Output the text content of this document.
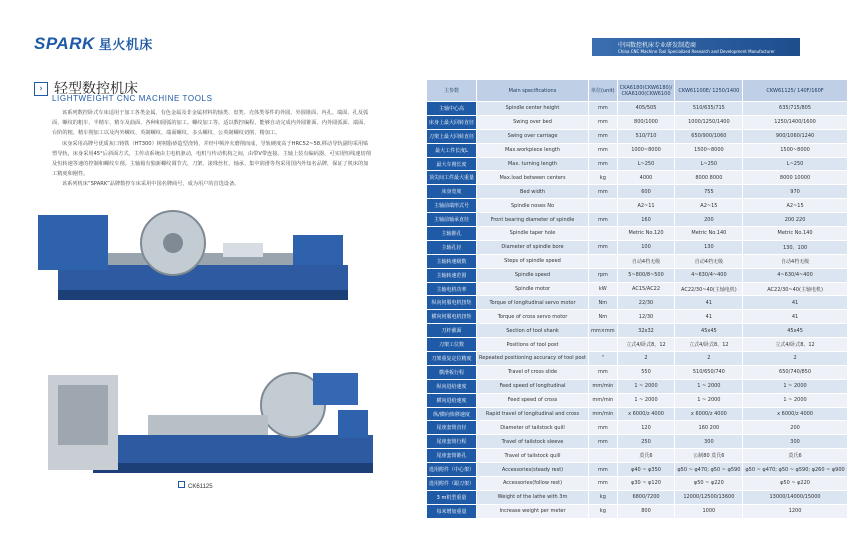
SPARK 星火机床	中国数控机床专业研发制造商
China CNC Machine Tool Specialized Research and Development Manufacturer
› 轻型数控机床
LIGHTWEIGHT CNC MACHINE TOOLS

该系列数控卧式车床适用于加工各类金属、有色金属及非金属材料的轴类、盘类、壳体类零件的外圆、外圆锥面、内孔、端面、孔及弧面、螺纹的粗车、半精车、精车及曲面、各种和圆弧的加工。螺纹加工等。适以数控编程、能够自动完成内外圆锥面、内外圆弧面、端面、台阶的粗、精车削加工以及内外螺纹、英制螺纹、端面螺纹、多头螺纹、公英制螺纹切削、精加工。

床身采用高牌号优质灰口铸铁（HT300）树树脂砂造型浇铸，并经中频淬火磨削而成，导轨硬度高于HRC52~58,移动导轨副均采用贴塑导轨，床身采用45°后斜面方式，主传动系统由主电机驱动，电机与传动机构之间，由带V带连接。主轴上装有编码器，可实现恒线速切削及恒转速等速的控制和螺纹车削。主轴箱有独新螺纹调节式、刀架、滚珠丝杠、轴承、集中润滑等均采用国内外知名品牌，保证了机床的加工精度和刚性。

该系列机床“SPARK”品牌数控车床采用中国名牌商号，成为用户的首选设备。

CK61125
主参数	Main specifications	单位(unit)	CKA6180(CKW6180)/ CKA6100(CKW6100	CKW61100E/ 1250/1400	CKW61125/ 140F/160F
主轴中心高	Spindle center height	mm	405/505	510/635/715	635/715/805
床身上最大回转直径	Swing over bed	mm	800/1000	1000/1250/1400	1250/1400/1600
刀架上最大回转直径	Swing over carriage	mm	510/710	650/900/1060	900/1060/1240
最大工件长度L	Max.workpiece length	mm	1000~8000	1500~8000	1500~8000
最大车削长度	Max. turning length	mm	L~250	L~250	L~250
顶尖间工件最大重量	Max.load between centers	kg	4000	8000 8000	8000 10000
床身宽度	Bed width	mm	600	755	970
主轴前端形式号	Spindle noses No		A2~11	A2~15	A2~15
主轴前轴承直径	Front bearing diameter of spindle	mm	160	200	200 220
主轴锥孔	Spindle taper hole		Metric No.120	Metric No.140	Metric No.140
主轴孔径	Diameter of spindle bore	mm	100	130	130、100
主轴转速级数	Steps of spindle speed		自动4档无级	自动4档无级	自动4档无级
主轴转速范围	Spindle speed	rpm	5~800/8~500	4~630/4~400	4~630/4~400
主轴电机功率	Spindle motor	kW	AC15/AC22	AC22/30~40(主轴电机)	AC22/30~40(主轴电机)
纵向伺服电机扭矩	Torque of longitudinal servo motor	Nm	22/30	41	41
横向伺服电机扭矩	Torque of cross servo motor	Nm	12/30	41	41
刀杆截面	Section of tool shank	mm×mm	32x32	45x45	45x45
刀架工位数	Positions of tool post		立式4/卧式8、12	立式4/卧式8、12	立式4/卧式8、12
刀架重复定位精度	Repeated positioning accuracy of tool post	"	2	2	2
横滑板行程	Travel of cross slide	mm	550	510/650/740	650/740/850
纵向进给速度	Feed speed of longitudinal	mm/min	1 ~ 2000	1 ~ 2000	1 ~ 2000
横向进给速度	Feed speed of cross	mm/min	1 ~ 2000	1 ~ 2000	1 ~ 2000
纵/横向快移速度	Rapid travel of longitudinal and cross	mm/min	x 6000/z 4000	x 6000/z 4000	x 6000/z 4000
尾座套筒直径	Diameter of tailstock quill	mm	120	160 200	200
尾座套筒行程	Travel of tailstock sleeve	mm	250	300	300
尾座套筒锥孔	Travel of tailstock quill		莫氏6	公制80 莫氏6	莫氏6
选用附件（中心架）	Accessories(steady rest)	mm	φ40 ~ φ350	φ50 ~ φ470; φ50 ~ φ590	φ50 ~ φ470; φ50 ~ φ590; φ260 ~ φ900
选用附件（跟刀架）	Accessories(follow rest)	mm	φ30 ~ φ120	φ50 ~ φ220	φ50 ~ φ220
3 m机型重量	Weight of the lathe with 3m	kg	6800/7200	12000/12500/13600	13000/14000/15000
每米增加重量	Increase weight per meter	kg	800	1000	1200
